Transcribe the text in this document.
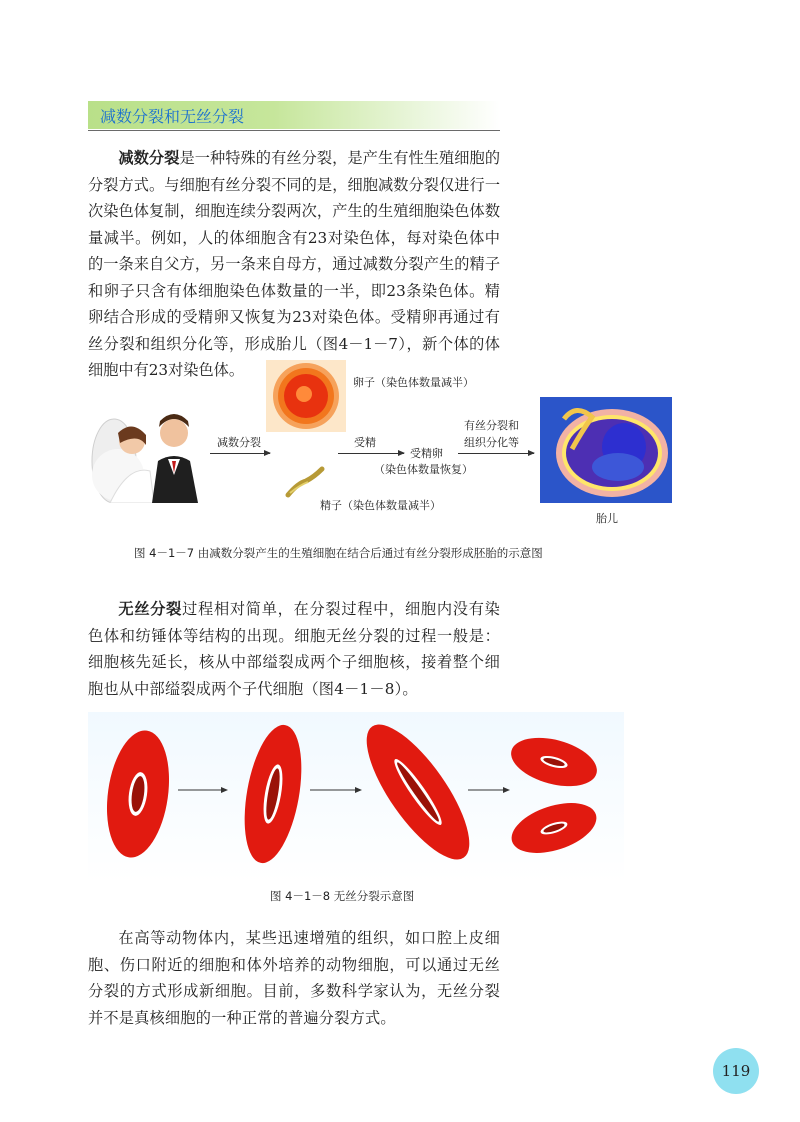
减数分裂和无丝分裂

减数分裂是一种特殊的有丝分裂，是产生有性生殖细胞的分裂方式。与细胞有丝分裂不同的是，细胞减数分裂仅进行一次染色体复制，细胞连续分裂两次，产生的生殖细胞染色体数量减半。例如，人的体细胞含有23对染色体，每对染色体中的一条来自父方，另一条来自母方，通过减数分裂产生的精子和卵子只含有体细胞染色体数量的一半，即23条染色体。精卵结合形成的受精卵又恢复为23对染色体。受精卵再通过有丝分裂和组织分化等，形成胎儿（图4－1－7），新个体的体细胞中有23对染色体。

卵子（染色体数量减半）
精子（染色体数量减半）
减数分裂	受精
受精卵
（染色体数量恢复）
有丝分裂和
组织分化等
胎儿
图 4－1－7 由减数分裂产生的生殖细胞在结合后通过有丝分裂形成胚胎的示意图

无丝分裂过程相对简单，在分裂过程中，细胞内没有染色体和纺锤体等结构的出现。细胞无丝分裂的过程一般是：细胞核先延长，核从中部缢裂成两个子细胞核，接着整个细胞也从中部缢裂成两个子代细胞（图4－1－8）。

图 4－1－8 无丝分裂示意图

在高等动物体内，某些迅速增殖的组织，如口腔上皮细胞、伤口附近的细胞和体外培养的动物细胞，可以通过无丝分裂的方式形成新细胞。目前，多数科学家认为，无丝分裂并不是真核细胞的一种正常的普遍分裂方式。

119
